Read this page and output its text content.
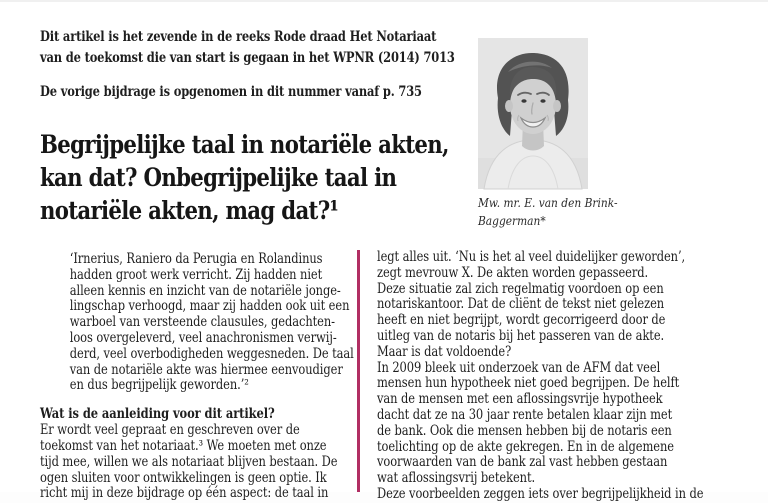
Dit artikel is het zevende in de reeks Rode draad Het Notariaat
van de toekomst die van start is gegaan in het WPNR (2014) 7013
De vorige bijdrage is opgenomen in dit nummer vanaf p. 735
Begrijpelijke taal in notariële akten,
kan dat? Onbegrijpelijke taal in
notariële akten, mag dat?¹	Mw. mr. E. van den Brink-
Baggerman*
‘Irnerius, Raniero da Perugia en Rolandinus
hadden groot werk verricht. Zij hadden niet
alleen kennis en inzicht van de notariële jonge-
lingschap verhoogd, maar zij hadden ook uit een
warboel van versteende clausules, gedachten-
loos overgeleverd, veel anachronismen verwij-
derd, veel overbodigheden weggesneden. De taal
van de notariële akte was hiermee eenvoudiger
en dus begrijpelijk geworden.’²
Wat is de aanleiding voor dit artikel?
Er wordt veel gepraat en geschreven over de
toekomst van het notariaat.³ We moeten met onze
tijd mee, willen we als notariaat blijven bestaan. De
ogen sluiten voor ontwikkelingen is geen optie. Ik
richt mij in deze bijdrage op één aspect: de taal in
legt alles uit. ‘Nu is het al veel duidelijker geworden’,
zegt mevrouw X. De akten worden gepasseerd.
Deze situatie zal zich regelmatig voordoen op een
notariskantoor. Dat de cliënt de tekst niet gelezen
heeft en niet begrijpt, wordt gecorrigeerd door de
uitleg van de notaris bij het passeren van de akte.
Maar is dat voldoende?
In 2009 bleek uit onderzoek van de AFM dat veel
mensen hun hypotheek niet goed begrijpen. De helft
van de mensen met een aflossingsvrije hypotheek
dacht dat ze na 30 jaar rente betalen klaar zijn met
de bank. Ook die mensen hebben bij de notaris een
toelichting op de akte gekregen. En in de algemene
voorwaarden van de bank zal vast hebben gestaan
wat aflossingsvrij betekent.
Deze voorbeelden zeggen iets over begrijpelijkheid in de
